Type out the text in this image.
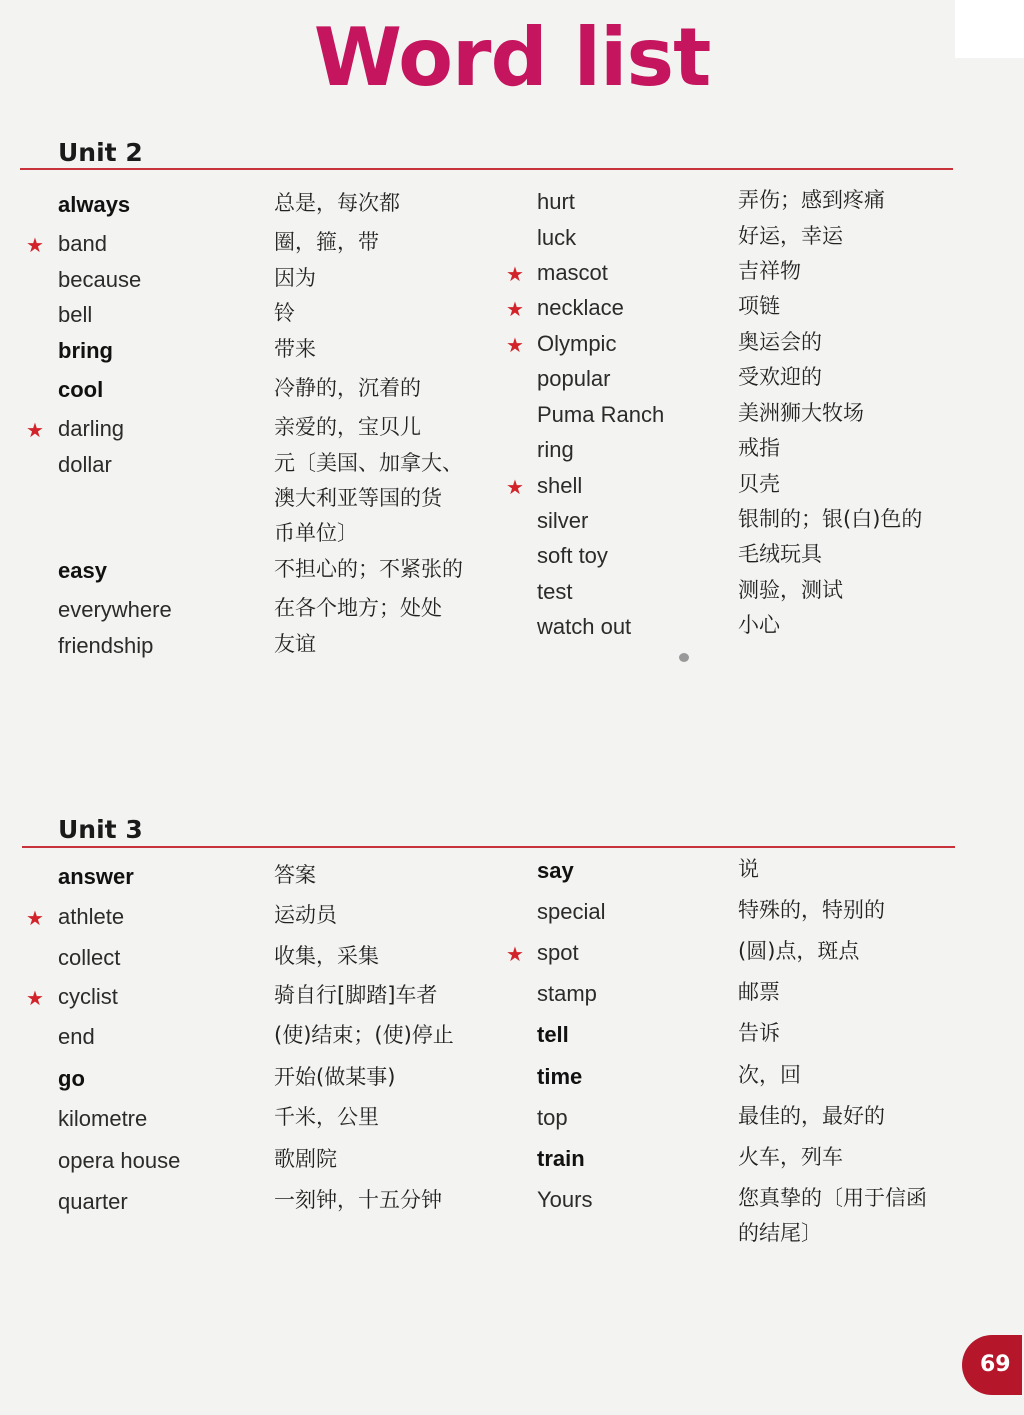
Word list
Unit 2
Unit 3
always	总是，每次都
★ band	圈，箍，带
because	因为
bell	铃
bring	带来
cool	冷静的，沉着的
★ darling	亲爱的，宝贝儿
dollar	元〔美国、加拿大、
澳大利亚等国的货
币单位〕
easy	不担心的；不紧张的
everywhere	在各个地方；处处
friendship	友谊
hurt	弄伤；感到疼痛
luck	好运，幸运
★ mascot	吉祥物
★ necklace	项链
★ Olympic	奥运会的
popular	受欢迎的
Puma Ranch	美洲狮大牧场
ring	戒指
★ shell	贝壳
silver	银制的；银(白)色的
soft toy	毛绒玩具
test	测验，测试
watch out	小心
answer	答案
★ athlete	运动员
collect	收集，采集
★ cyclist	骑自行[脚踏]车者
end	(使)结束；(使)停止
go	开始(做某事)
kilometre	千米，公里
opera house	歌剧院
quarter	一刻钟，十五分钟
say	说
special	特殊的，特别的
★ spot	(圆)点，斑点
stamp	邮票
tell	告诉
time	次，回
top	最佳的，最好的
train	火车，列车
Yours	您真挚的〔用于信函
的结尾〕
69
